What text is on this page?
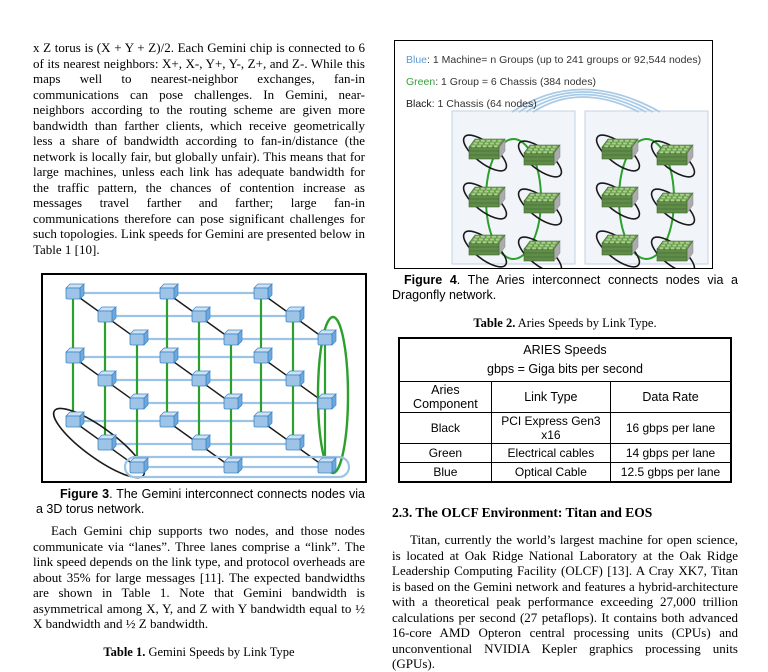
x Z torus is (X + Y + Z)/2. Each Gemini chip is connected to 6 of its nearest neighbors: X+, X-, Y+, Y-, Z+, and Z-. While this maps well to nearest-neighbor exchanges, fan-in communications can pose challenges. In Gemini, near-neighbors according to the routing scheme are given more bandwidth than farther clients, which receive geometrically less a share of bandwidth according to fan-in/distance (the network is locally fair, but globally unfair). This means that for large machines, unless each link has adequate bandwidth for the traffic pattern, the chances of contention increase as messages travel farther and farther; large fan-in communications therefore can pose significant challenges for such topologies. Link speeds for Gemini are presented below in Table 1 [10].

Figure 3. The Gemini interconnect connects nodes via a 3D torus network.

Each Gemini chip supports two nodes, and those nodes communicate via “lanes”. Three lanes comprise a “link”. The link speed depends on the link type, and protocol overheads are about 35% for large messages [11]. The expected bandwidths are shown in Table 1. Note that Gemini bandwidth is asymmetrical among X, Y, and Z with Y bandwidth equal to ½ X bandwidth and ½ Z bandwidth.

Table 1. Gemini Speeds by Link Type

Blue: 1 Machine= n Groups (up to 241 groups or 92,544 nodes)
Green: 1 Group = 6 Chassis (384 nodes)
Black: 1 Chassis (64 nodes)

Figure 4. The Aries interconnect connects nodes via a Dragonfly network.

Table 2. Aries Speeds by Link Type.

ARIES Speeds
gbps = Giga bits per second		

Aries Component	Link Type	Data Rate
Black	PCI Express Gen3 x16	16 gbps per lane
Green	Electrical cables	14 gbps per lane
Blue	Optical Cable	12.5 gbps per lane
2.3. The OLCF Environment: Titan and EOS

Titan, currently the world’s largest machine for open science, is located at Oak Ridge National Laboratory at the Oak Ridge Leadership Computing Facility (OLCF) [13]. A Cray XK7, Titan is based on the Gemini network and features a hybrid-architecture with a theoretical peak performance exceeding 27,000 trillion calculations per second (27 petaflops). It contains both advanced 16-core AMD Opteron central processing units (CPUs) and unconventional NVIDIA Kepler graphics processing units (GPUs).
